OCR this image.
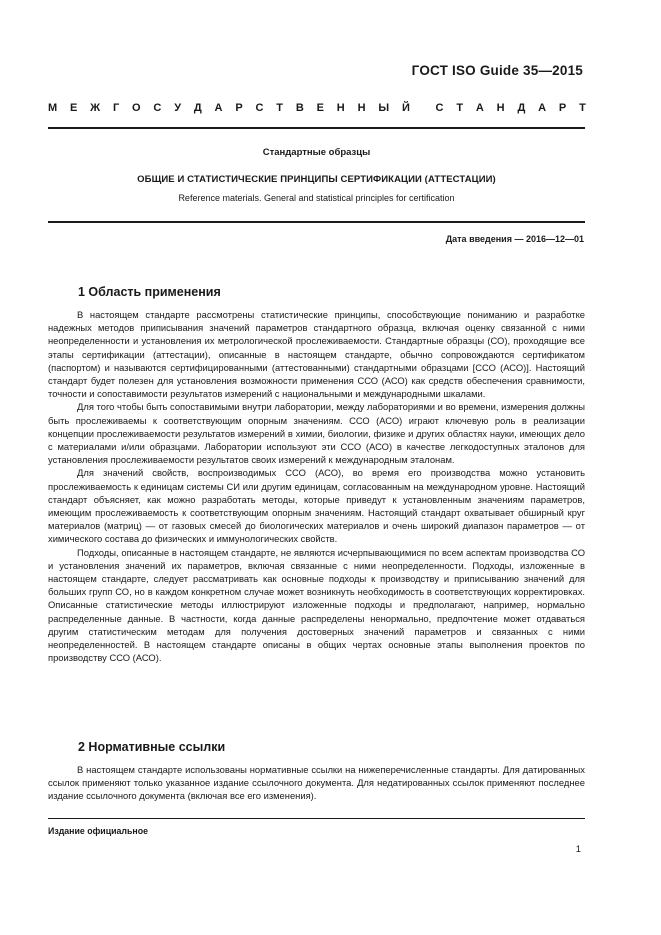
ГОСТ ISO Guide 35—2015
М Е Ж Г О С У Д А Р С Т В Е Н Н Ы Й С Т А Н Д А Р Т
Стандартные образцы
ОБЩИЕ И СТАТИСТИЧЕСКИЕ ПРИНЦИПЫ СЕРТИФИКАЦИИ (АТТЕСТАЦИИ)
Reference materials. General and statistical principles for certification
Дата введения — 2016—12—01
1 Область применения

В настоящем стандарте рассмотрены статистические принципы, способствующие пониманию и разработке надежных методов приписывания значений параметров стандартного образца, включая оценку связанной с ними неопределенности и установления их метрологической прослеживаемости. Стандартные образцы (СО), проходящие все этапы сертификации (аттестации), описанные в настоящем стандарте, обычно сопровождаются сертификатом (паспортом) и называются сертифицированными (аттестованными) стандартными образцами [ССО (АСО)]. Настоящий стандарт будет полезен для установления возможности применения ССО (АСО) как средств обеспечения сравнимости, точности и сопоставимости результатов измерений с национальными и международными шкалами.

Для того чтобы быть сопоставимыми внутри лаборатории, между лабораториями и во времени, измерения должны быть прослеживаемы к соответствующим опорным значениям. ССО (АСО) играют ключевую роль в реализации концепции прослеживаемости результатов измерений в химии, биологии, физике и других областях науки, имеющих дело с материалами и/или образцами. Лаборатории используют эти ССО (АСО) в качестве легкодоступных эталонов для установления прослеживаемости результатов своих измерений к международным эталонам.

Для значений свойств, воспроизводимых ССО (АСО), во время его производства можно установить прослеживаемость к единицам системы СИ или другим единицам, согласованным на международном уровне. Настоящий стандарт объясняет, как можно разработать методы, которые приведут к установленным значениям параметров, имеющим прослеживаемость к соответствующим опорным значениям. Настоящий стандарт охватывает обширный круг материалов (матриц) — от газовых смесей до биологических материалов и очень широкий диапазон параметров — от химического состава до физических и иммунологических свойств.

Подходы, описанные в настоящем стандарте, не являются исчерпывающимися по всем аспектам производства СО и установления значений их параметров, включая связанные с ними неопределенности. Подходы, изложенные в настоящем стандарте, следует рассматривать как основные подходы к производству и приписыванию значений для больших групп СО, но в каждом конкретном случае может возникнуть необходимость в соответствующих корректировках. Описанные статистические методы иллюстрируют изложенные подходы и предполагают, например, нормально распределенные данные. В частности, когда данные распределены ненормально, предпочтение может отдаваться другим статистическим методам для получения достоверных значений параметров и связанных с ними неопределенностей. В настоящем стандарте описаны в общих чертах основные этапы выполнения проектов по производству ССО (АСО).

2 Нормативные ссылки

В настоящем стандарте использованы нормативные ссылки на нижеперечисленные стандарты. Для датированных ссылок применяют только указанное издание ссылочного документа. Для недатированных ссылок применяют последнее издание ссылочного документа (включая все его изменения).

Издание официальное
1
